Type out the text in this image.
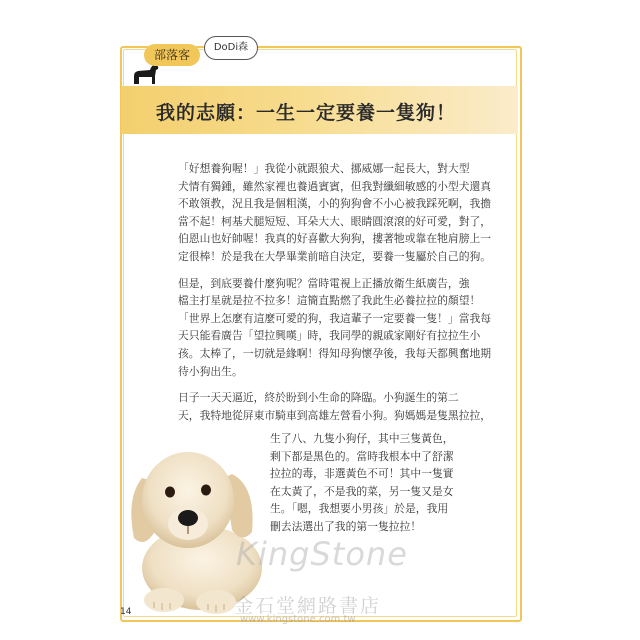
部落客
DoDi森
我的志願：一生一定要養一隻狗！

「好想養狗喔！」我從小就跟狼犬、挪威娜一起長大，對大型
犬情有獨鍾，雖然家裡也養過賓賓，但我對纖細敏感的小型犬還真
不敢領教，況且我是個粗漢，小的狗狗會不小心被我踩死啊，我擔
當不起！柯基犬腿短短、耳朵大大、眼睛圓滾滾的好可愛，對了，
伯恩山也好帥喔！我真的好喜歡大狗狗，摟著牠或靠在牠肩膀上一
定很棒！於是我在大學畢業前暗自決定，要養一隻屬於自己的狗。

但是，到底要養什麼狗呢？當時電視上正播放衛生紙廣告，強
檔主打星就是拉不拉多！這簡直點燃了我此生必養拉拉的顏望！
「世界上怎麼有這麼可愛的狗，我這輩子一定要養一隻！」當我每
天只能看廣告「望拉興嘆」時，我同學的親戚家剛好有拉拉生小
孩。太棒了，一切就是緣啊！得知母狗懷孕後，我每天都興奮地期
待小狗出生。

日子一天天逼近，終於盼到小生命的降臨。小狗誕生的第二
天，我特地從屏東市騎車到高雄左營看小狗。狗媽媽是隻黑拉拉，

生了八、九隻小狗仔，其中三隻黃色，
剩下都是黑色的。當時我根本中了舒潔
拉拉的毒，非選黃色不可！其中一隻實
在太黃了，不是我的菜，另一隻又是女
生。「嗯，我想要小男孩」於是，我用
刪去法選出了我的第一隻拉拉！
KingStone
金石堂網路書店
www.kingstone.com.tw
14
